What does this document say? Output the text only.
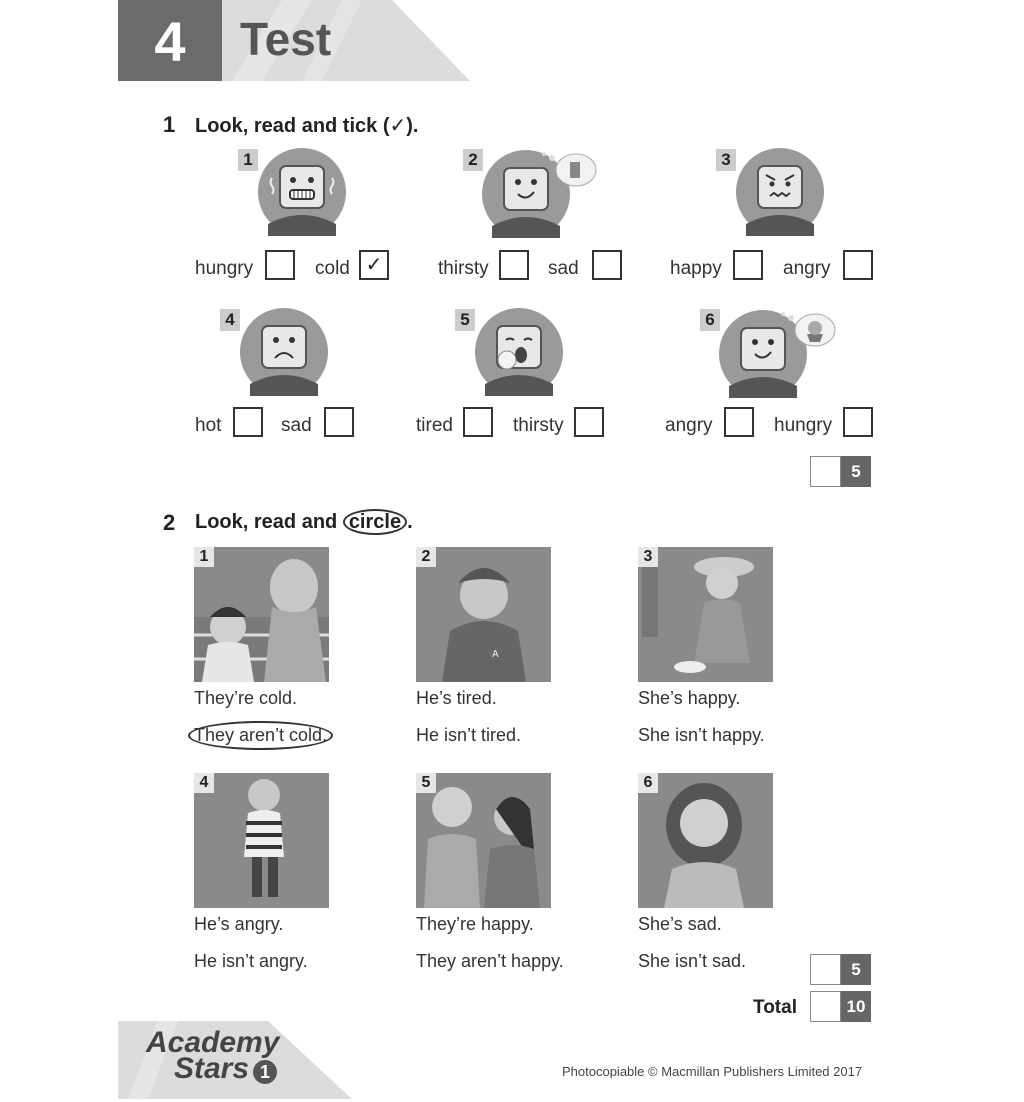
4	Test
1 Look, read and tick (✓).
1
hungry	cold ✓
2
thirsty	sad
3
happy	angry
4
hot	sad
5
tired	thirsty
6
angry	hungry
5
2 Look, read and circle .
1
A
2	3
They’re cold.
They aren’t cold.
He’s tired.
He isn’t tired.
She’s happy.
She isn’t happy.
4	5	6
He’s angry.
He isn’t angry.
They’re happy.
They aren’t happy.
She’s sad.
She isn’t sad.	5
Total	10
Academy
Stars 1	Photocopiable © Macmillan Publishers Limited 2017
